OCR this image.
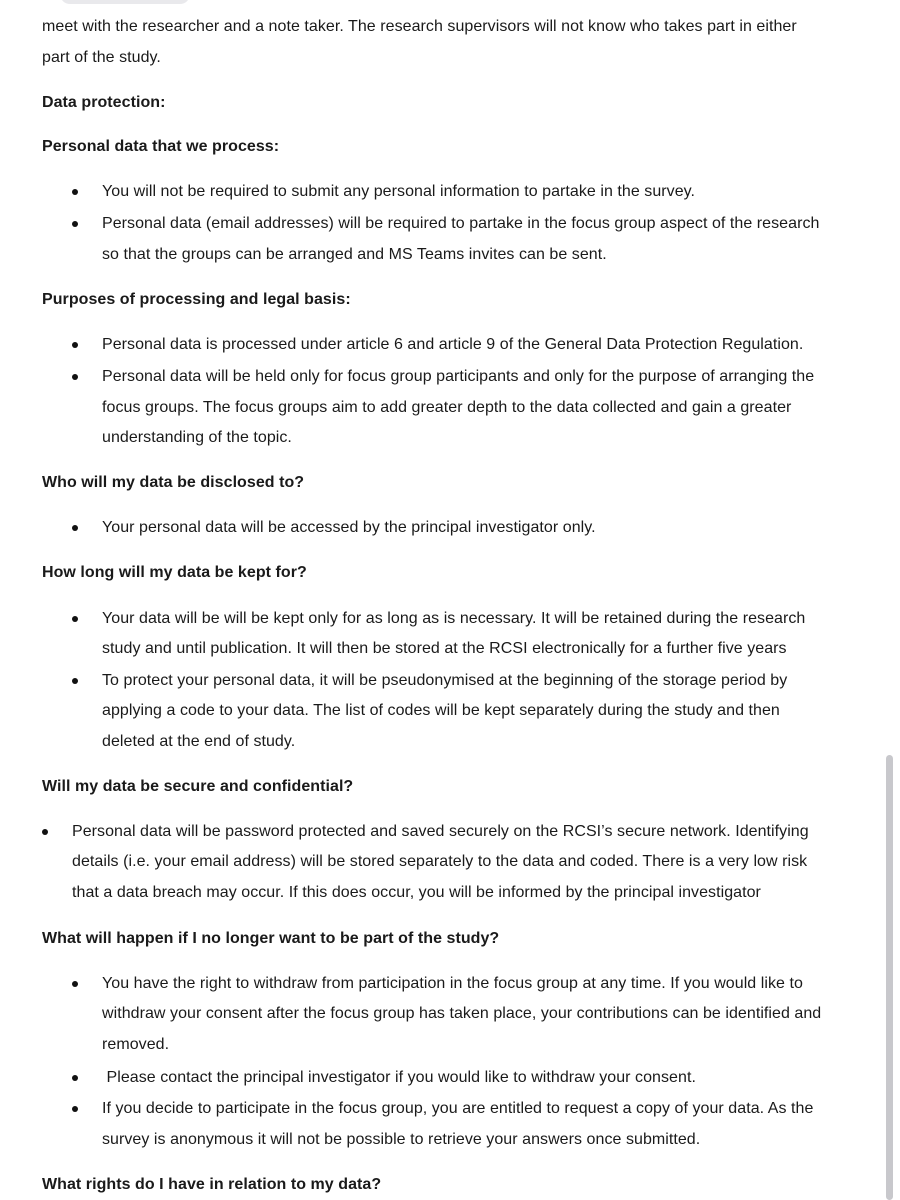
meet with the researcher and a note taker. The research supervisors will not know who takes part in either
part of the study.
Data protection:
Personal data that we process:
You will not be required to submit any personal information to partake in the survey.
Personal data (email addresses) will be required to partake in the focus group aspect of the research
so that the groups can be arranged and MS Teams invites can be sent.
Purposes of processing and legal basis:
Personal data is processed under article 6 and article 9 of the General Data Protection Regulation.
Personal data will be held only for focus group participants and only for the purpose of arranging the
focus groups. The focus groups aim to add greater depth to the data collected and gain a greater
understanding of the topic.
Who will my data be disclosed to?
Your personal data will be accessed by the principal investigator only.
How long will my data be kept for?
Your data will be will be kept only for as long as is necessary. It will be retained during the research
study and until publication. It will then be stored at the RCSI electronically for a further five years
To protect your personal data, it will be pseudonymised at the beginning of the storage period by
applying a code to your data. The list of codes will be kept separately during the study and then
deleted at the end of study.
Will my data be secure and confidential?
Personal data will be password protected and saved securely on the RCSI’s secure network. Identifying
details (i.e. your email address) will be stored separately to the data and coded. There is a very low risk
that a data breach may occur. If this does occur, you will be informed by the principal investigator
What will happen if I no longer want to be part of the study?
You have the right to withdraw from participation in the focus group at any time. If you would like to
withdraw your consent after the focus group has taken place, your contributions can be identified and
removed.
Please contact the principal investigator if you would like to withdraw your consent.
If you decide to participate in the focus group, you are entitled to request a copy of your data. As the
survey is anonymous it will not be possible to retrieve your answers once submitted.
What rights do I have in relation to my data?
